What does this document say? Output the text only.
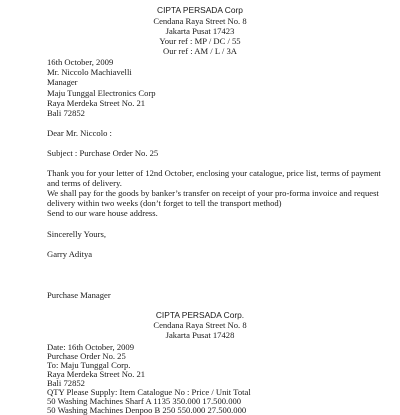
CIPTA PERSADA Corp
Cendana Raya Street No. 8
Jakarta Pusat 17423
Your ref : MP / DC / 55
Our ref : AM / L / 3A
16th October, 2009
Mr. Niccolo Machiavelli
Manager
Maju Tunggal Electronics Corp
Raya Merdeka Street No. 21
Bali 72852
Dear Mr. Niccolo :
Subject : Purchase Order No. 25
Thank you for your letter of 12nd October, enclosing your catalogue, price list, terms of payment
and terms of delivery.
We shall pay for the goods by banker’s transfer on receipt of your pro-forma invoice and request
delivery within two weeks (don’t forget to tell the transport method)
Send to our ware house address.
Sincerelly Yours,
Garry Aditya
Purchase Manager
CIPTA PERSADA Corp.
Cendana Raya Street No. 8
Jakarta Pusat 17428
Date: 16th October, 2009
Purchase Order No. 25
To: Maju Tunggal Corp.
Raya Merdeka Street No. 21
Bali 72852
QTY Please Supply: Item Catalogue No : Price / Unit Total
50 Washing Machines Sharf A 1135 350.000 17.500.000
50 Washing Machines Denpoo B 250 550.000 27.500.000
